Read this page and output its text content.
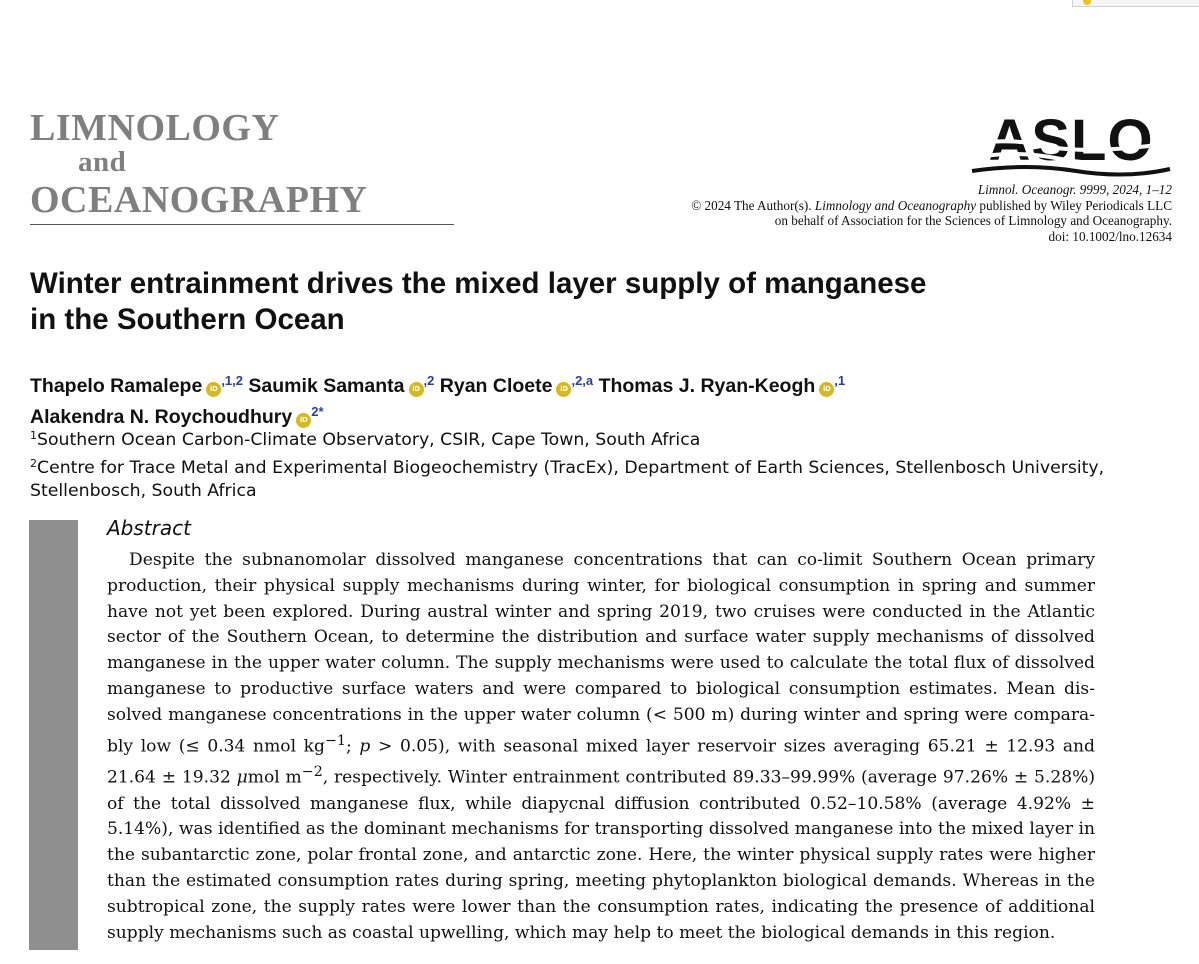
LIMNOLOGY
and
OCEANOGRAPHY
ASLO
Limnol. Oceanogr. 9999, 2024, 1–12
© 2024 The Author(s). Limnology and Oceanography published by Wiley Periodicals LLC
on behalf of Association for the Sciences of Limnology and Oceanography.
doi: 10.1002/lno.12634
Winter entrainment drives the mixed layer supply of manganese
in the Southern Ocean
Thapelo Ramalepe $iD^{,1,2}$ Saumik Samanta $iD^{,2}$ Ryan Cloete $iD^{,2,a}$ Thomas J. Ryan-Keogh $iD^{,1}$
Alakendra N. Roychoudhury $iD^{2*}$
$^1$Southern Ocean Carbon-Climate Observatory, CSIR, Cape Town, South Africa
$^2$Centre for Trace Metal and Experimental Biogeochemistry (TracEx), Department of Earth Sciences, Stellenbosch University, Stellenbosch, South Africa
Abstract
Despite the subnanomolar dissolved manganese concentrations that can co-limit Southern Ocean primary production, their physical supply mechanisms during winter, for biological consumption in spring and summer have not yet been explored. During austral winter and spring 2019, two cruises were conducted in the Atlantic sector of the Southern Ocean, to determine the distribution and surface water supply mechanisms of dissolved manganese in the upper water column. The supply mechanisms were used to calculate the total flux of dissolved manganese to productive surface waters and were compared to biological consumption estimates. Mean dissolved manganese concentrations in the upper water column (< 500 m) during winter and spring were comparably low (≤ 0.34 nmol $kg^{-1}$; p > 0.05), with seasonal mixed layer reservoir sizes averaging 65.21 ± 12.93 and 21.64 ± 19.32 μmol $m^{-2}$, respectively. Winter entrainment contributed 89.33–99.99% (average 97.26% ± 5.28%) of the total dissolved manganese flux, while diapycnal diffusion contributed 0.52–10.58% (average 4.92% ± 5.14%), was identified as the dominant mechanisms for transporting dissolved manganese into the mixed layer in the subantarctic zone, polar frontal zone, and antarctic zone. Here, the winter physical supply rates were higher than the estimated consumption rates during spring, meeting phytoplankton biological demands. Whereas in the subtropical zone, the supply rates were lower than the consumption rates, indicating the presence of additional supply mechanisms such as coastal upwelling, which may help to meet the biological demands in this region.
